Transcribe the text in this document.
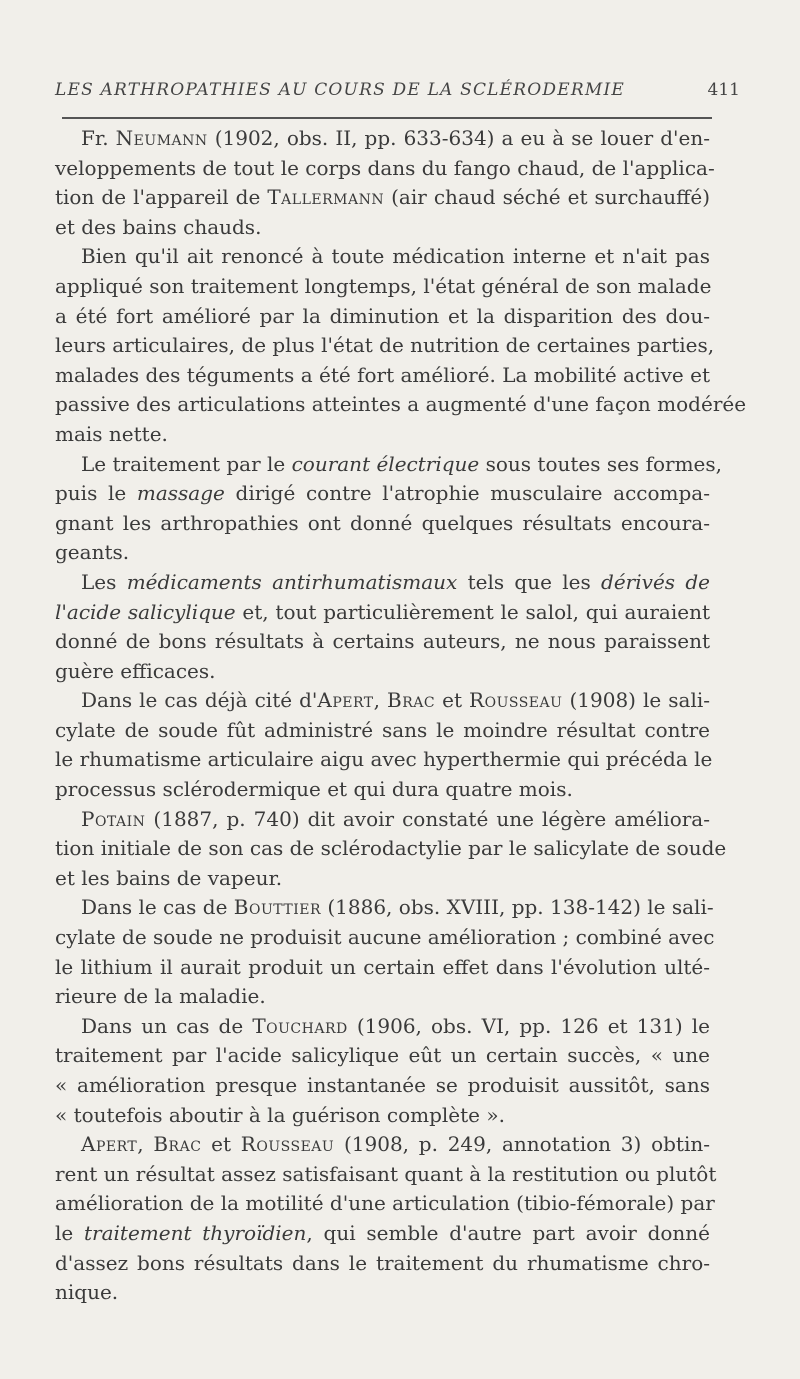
LES ARTHROPATHIES AU COURS DE LA SCLÉRODERMIE	411
Fr. Neumann (1902, obs. II, pp. 633-634) a eu à se louer d'en-
veloppements de tout le corps dans du fango chaud, de l'applica-
tion de l'appareil de Tallermann (air chaud séché et surchauffé)
et des bains chauds.
Bien qu'il ait renoncé à toute médication interne et n'ait pas
appliqué son traitement longtemps, l'état général de son malade
a été fort amélioré par la diminution et la disparition des dou-
leurs articulaires, de plus l'état de nutrition de certaines parties,
malades des téguments a été fort amélioré. La mobilité active et
passive des articulations atteintes a augmenté d'une façon modérée
mais nette.
Le traitement par le courant électrique sous toutes ses formes,
puis le massage dirigé contre l'atrophie musculaire accompa-
gnant les arthropathies ont donné quelques résultats encoura-
geants.
Les médicaments antirhumatismaux tels que les dérivés de
l'acide salicylique et, tout particulièrement le salol, qui auraient
donné de bons résultats à certains auteurs, ne nous paraissent
guère efficaces.
Dans le cas déjà cité d'Apert, Brac et Rousseau (1908) le sali-
cylate de soude fût administré sans le moindre résultat contre
le rhumatisme articulaire aigu avec hyperthermie qui précéda le
processus sclérodermique et qui dura quatre mois.
Potain (1887, p. 740) dit avoir constaté une légère améliora-
tion initiale de son cas de sclérodactylie par le salicylate de soude
et les bains de vapeur.
Dans le cas de Bouttier (1886, obs. XVIII, pp. 138-142) le sali-
cylate de soude ne produisit aucune amélioration ; combiné avec
le lithium il aurait produit un certain effet dans l'évolution ulté-
rieure de la maladie.
Dans un cas de Touchard (1906, obs. VI, pp. 126 et 131) le
traitement par l'acide salicylique eût un certain succès, « une
« amélioration presque instantanée se produisit aussitôt, sans
« toutefois aboutir à la guérison complète ».
Apert, Brac et Rousseau (1908, p. 249, annotation 3) obtin-
rent un résultat assez satisfaisant quant à la restitution ou plutôt
amélioration de la motilité d'une articulation (tibio-fémorale) par
le traitement thyroïdien, qui semble d'autre part avoir donné
d'assez bons résultats dans le traitement du rhumatisme chro-
nique.
